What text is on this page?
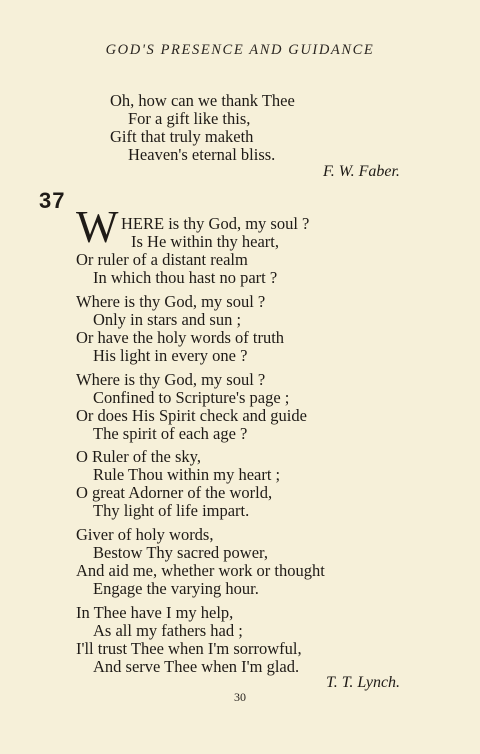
GOD'S PRESENCE AND GUIDANCE
Oh, how can we thank Thee
For a gift like this,
Gift that truly maketh
Heaven's eternal bliss.
F. W. Faber.
37
W HERE is thy God, my soul ?
Is He within thy heart,
Or ruler of a distant realm
In which thou hast no part ?
Where is thy God, my soul ?
Only in stars and sun ;
Or have the holy words of truth
His light in every one ?
Where is thy God, my soul ?
Confined to Scripture's page ;
Or does His Spirit check and guide
The spirit of each age ?
O Ruler of the sky,
Rule Thou within my heart ;
O great Adorner of the world,
Thy light of life impart.
Giver of holy words,
Bestow Thy sacred power,
And aid me, whether work or thought
Engage the varying hour.
In Thee have I my help,
As all my fathers had ;
I'll trust Thee when I'm sorrowful,
And serve Thee when I'm glad.
T. T. Lynch.
30
